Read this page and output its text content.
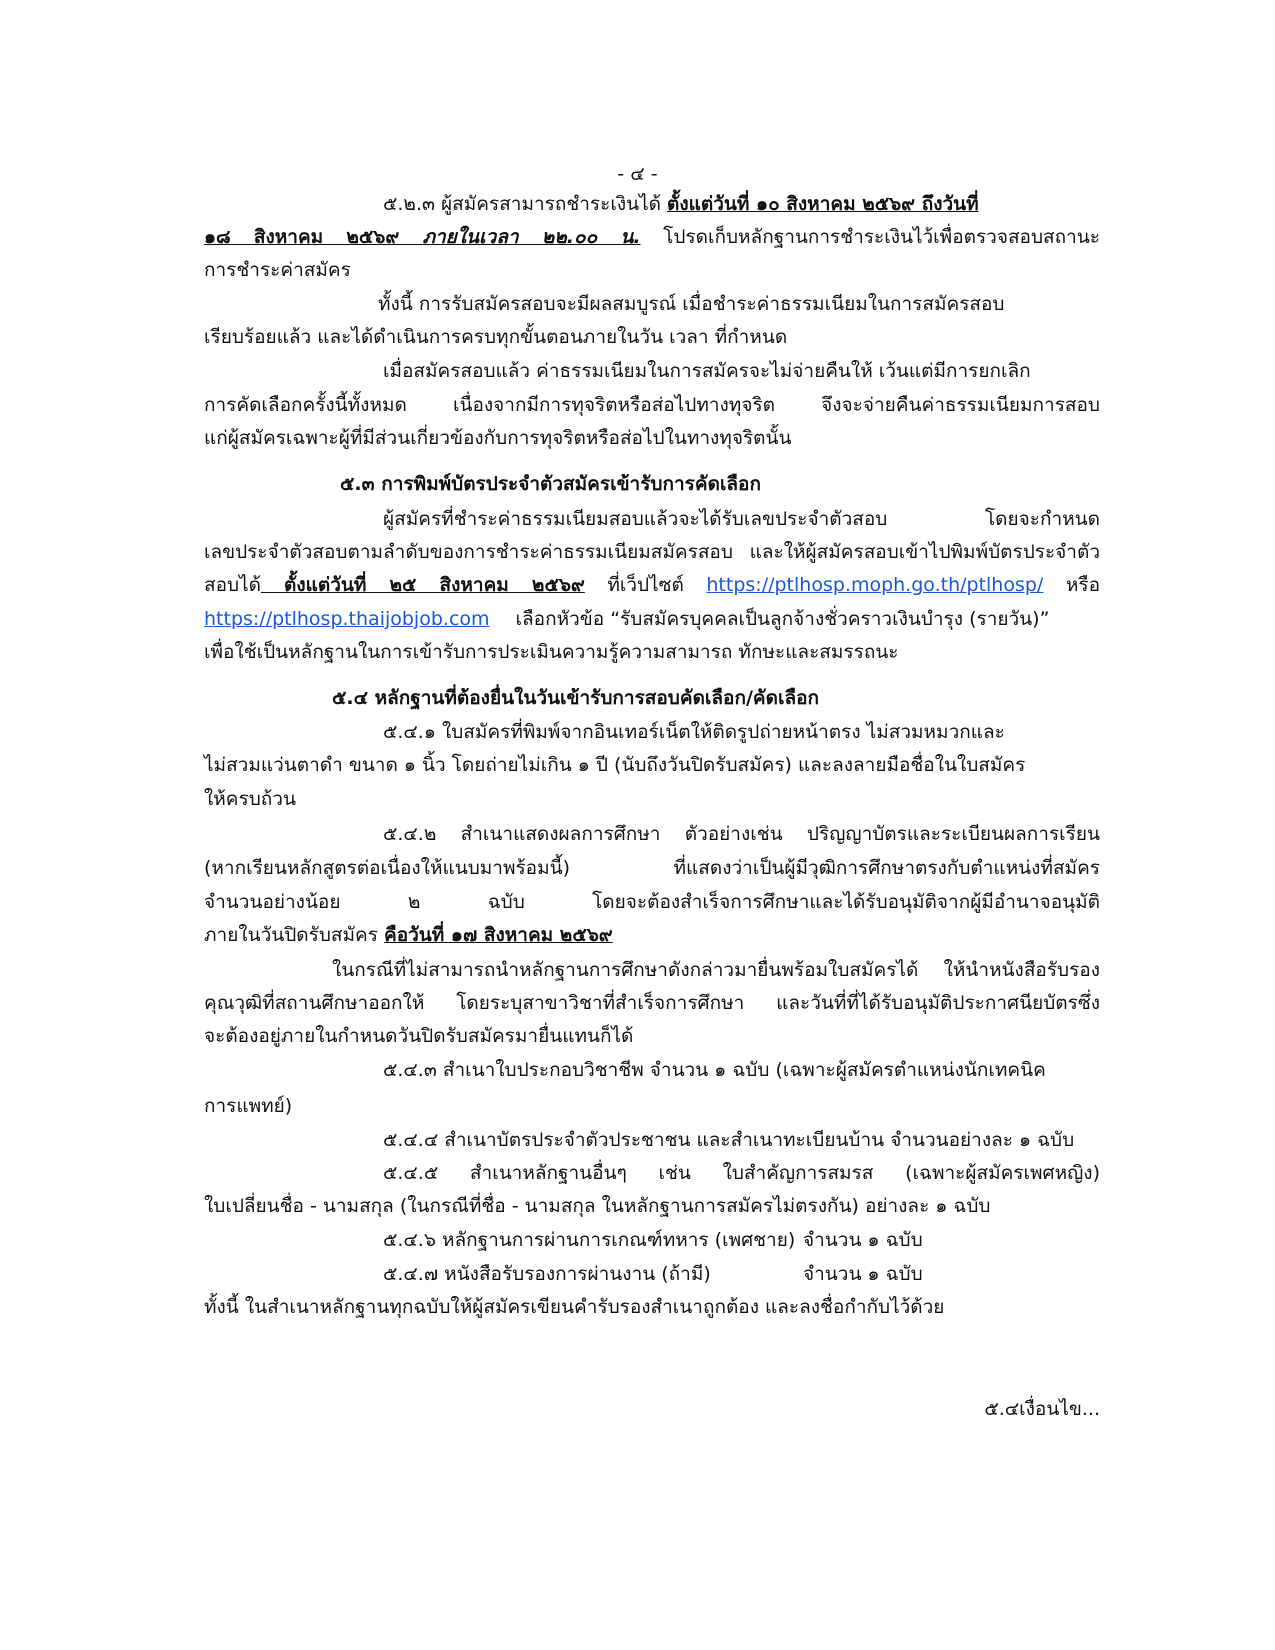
- ๔ -
๕.๒.๓ ผู้สมัครสามารถชำระเงินได้ ตั้งแต่วันที่ ๑๐ สิงหาคม ๒๕๖๙ ถึงวันที่
๑๘ สิงหาคม ๒๕๖๙ ภายในเวลา ๒๒.๐๐ น. โปรดเก็บหลักฐานการชำระเงินไว้เพื่อตรวจสอบสถานะ
การชำระค่าสมัคร
ทั้งนี้ การรับสมัครสอบจะมีผลสมบูรณ์ เมื่อชำระค่าธรรมเนียมในการสมัครสอบ
เรียบร้อยแล้ว และได้ดำเนินการครบทุกขั้นตอนภายในวัน เวลา ที่กำหนด
เมื่อสมัครสอบแล้ว ค่าธรรมเนียมในการสมัครจะไม่จ่ายคืนให้ เว้นแต่มีการยกเลิก
การคัดเลือกครั้งนี้ทั้งหมด เนื่องจากมีการทุจริตหรือส่อไปทางทุจริต จึงจะจ่ายคืนค่าธรรมเนียมการสอบ
แก่ผู้สมัครเฉพาะผู้ที่มีส่วนเกี่ยวข้องกับการทุจริตหรือส่อไปในทางทุจริตนั้น
๕.๓ การพิมพ์บัตรประจำตัวสมัครเข้ารับการคัดเลือก
ผู้สมัครที่ชำระค่าธรรมเนียมสอบแล้วจะได้รับเลขประจำตัวสอบ โดยจะกำหนด
เลขประจำตัวสอบตามลำดับของการชำระค่าธรรมเนียมสมัครสอบ และให้ผู้สมัครสอบเข้าไปพิมพ์บัตรประจำตัว
สอบได้ ตั้งแต่วันที่ ๒๕ สิงหาคม ๒๕๖๙ ที่เว็ปไซต์ https://ptlhosp.moph.go.th/ptlhosp/ หรือ
https://ptlhosp.thaijobjob.com เลือกหัวข้อ “รับสมัครบุคคลเป็นลูกจ้างชั่วคราวเงินบำรุง (รายวัน)”
เพื่อใช้เป็นหลักฐานในการเข้ารับการประเมินความรู้ความสามารถ ทักษะและสมรรถนะ
๕.๔ หลักฐานที่ต้องยื่นในวันเข้ารับการสอบคัดเลือก/คัดเลือก
๕.๔.๑ ใบสมัครที่พิมพ์จากอินเทอร์เน็ตให้ติดรูปถ่ายหน้าตรง ไม่สวมหมวกและ
ไม่สวมแว่นตาดำ ขนาด ๑ นิ้ว โดยถ่ายไม่เกิน ๑ ปี (นับถึงวันปิดรับสมัคร) และลงลายมือชื่อในใบสมัคร
ให้ครบถ้วน
๕.๔.๒ สำเนาแสดงผลการศึกษา ตัวอย่างเช่น ปริญญาบัตรและระเบียนผลการเรียน
(หากเรียนหลักสูตรต่อเนื่องให้แนบมาพร้อมนี้) ที่แสดงว่าเป็นผู้มีวุฒิการศึกษาตรงกับตำแหน่งที่สมัคร
จำนวนอย่างน้อย ๒ ฉบับ โดยจะต้องสำเร็จการศึกษาและได้รับอนุมัติจากผู้มีอำนาจอนุมัติ
ภายในวันปิดรับสมัคร คือวันที่ ๑๗ สิงหาคม ๒๕๖๙
ในกรณีที่ไม่สามารถนำหลักฐานการศึกษาดังกล่าวมายื่นพร้อมใบสมัครได้ ให้นำหนังสือรับรอง
คุณวุฒิที่สถานศึกษาออกให้ โดยระบุสาขาวิชาที่สำเร็จการศึกษา และวันที่ที่ได้รับอนุมัติประกาศนียบัตรซึ่ง
จะต้องอยู่ภายในกำหนดวันปิดรับสมัครมายื่นแทนก็ได้
๕.๔.๓ สำเนาใบประกอบวิชาชีพ จำนวน ๑ ฉบับ (เฉพาะผู้สมัครตำแหน่งนักเทคนิค
การแพทย์)
๕.๔.๔ สำเนาบัตรประจำตัวประชาชน และสำเนาทะเบียนบ้าน จำนวนอย่างละ ๑ ฉบับ
๕.๔.๕ สำเนาหลักฐานอื่นๆ เช่น ใบสำคัญการสมรส (เฉพาะผู้สมัครเพศหญิง)
ใบเปลี่ยนชื่อ - นามสกุล (ในกรณีที่ชื่อ - นามสกุล ในหลักฐานการสมัครไม่ตรงกัน) อย่างละ ๑ ฉบับ
๕.๔.๖ หลักฐานการผ่านการเกณฑ์ทหาร (เพศชาย) จำนวน ๑ ฉบับ
๕.๔.๗ หนังสือรับรองการผ่านงาน (ถ้ามี)	จำนวน ๑ ฉบับ
ทั้งนี้ ในสำเนาหลักฐานทุกฉบับให้ผู้สมัครเขียนคำรับรองสำเนาถูกต้อง และลงชื่อกำกับไว้ด้วย
๕.๔เงื่อนไข...
